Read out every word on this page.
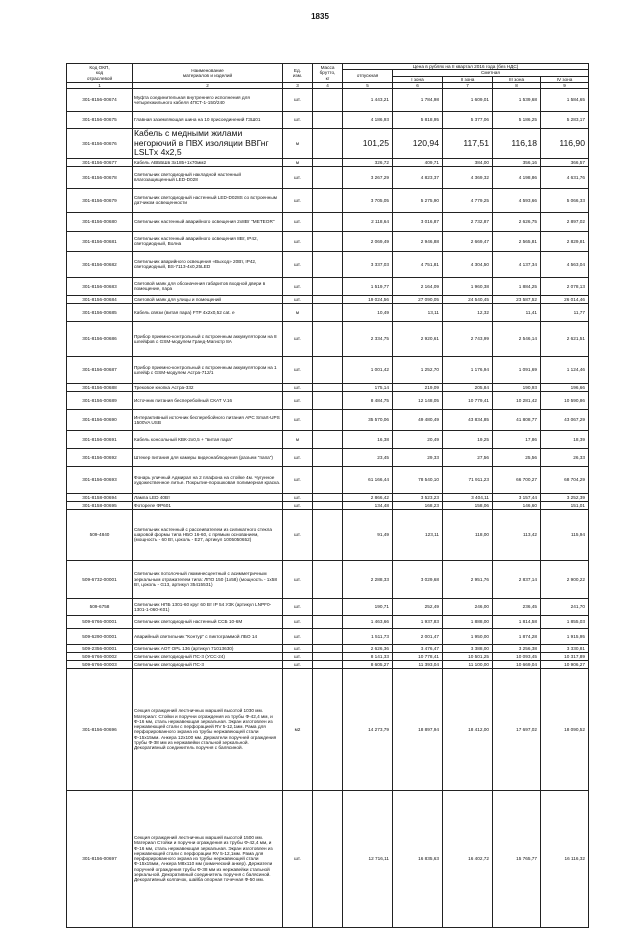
1835
Код ОКП,
код
отраслевой	Наименование
материалов и изделий	Ед.
изм.	Масса
брутто,
кг	Цена в рублях на II квартал 2016 года (без НДС)				
				отпускная	Сметная			
					I зона	II зона	III зона	IV зона
1	2	3	4	5	6	7	8	9
301-8156-00674	Муфта соединительная внутреннего исполнения для четырехжильного кабеля 4ПСТ-1-150/240	шт.		1 443,21	1 784,98	1 609,01	1 539,68	1 584,65
301-8156-00675	Главная заземляющая шина на 10 присоединений ГЗШ01	шт.		4 186,93	5 818,95	5 377,06	5 186,25	5 283,17
301-8156-00676	Кабель с медными жилами негорючий в ПВХ изоляции ВВГнг LSLTx 4х2,5	м		101,25	120,94	117,51	116,18	116,90
301-8156-00677	Кабель АВББШв 3х185+1х70мм2	м		326,72	409,71	384,00	356,16	366,57
301-8156-00678	Светильник светодиодный накладной настенный влагозащищенный LED-D028	шт.		3 267,29	4 823,37	4 369,32	4 198,86	4 631,76
301-8156-00679	Светильник светодиодный настенный LED-D028S со встроенным датчиком освещенности	шт.		3 705,05	5 275,90	4 779,25	4 593,66	5 066,33
301-8156-00680	Светильник настенный аварийного освещения 2х8Вт "МЕТЕОR"	шт.		2 118,64	3 016,87	2 732,87	2 626,75	2 897,02
301-8156-00681	Светильник настенный аварийного освещения 8Вт, IP42, светодиодный, Волна	шт.		2 069,49	2 946,88	2 669,47	2 565,81	2 829,81
301-8156-00682	Светильник аварийного освещения «Выход» 20Вт, IP42, светодиодный, BS-7113-4х0,25LED	шт.		3 337,03	4 751,81	4 304,50	4 137,34	4 563,04
301-8156-00683	Световой маяк для обозначения габаритов входной двери в помещение, пара	шт.		1 519,77	2 164,09	1 960,38	1 884,25	2 078,13
301-8156-00684	Световой маяк для улицы и помещений	шт.		19 024,56	27 090,05	24 540,45	23 587,52	26 014,46
301-8156-00685	Кабель связи (витая пара) FTP 4х2х0,52 cat. e	м		10,49	13,11	12,32	11,41	11,77
301-8156-00686	Прибор приемно-контрольный с встроенным аккумулятором на 8 шлейфов с GSM-модулем Гранд-Магистр 8А	шт.		2 334,75	2 920,61	2 743,99	2 546,14	2 621,51
301-8156-00687	Прибор приемно-контрольный с встроенным аккумулятором на 1 шлейф с GSM-модулем Астра-712/1	шт.		1 001,42	1 252,70	1 176,94	1 091,69	1 124,46
301-8156-00688	Трековое кнопка Астра-332	шт.		175,14	219,09	205,84	190,93	196,66
301-8156-00689	Источник питания бесперебойный СКАТ V.16	шт.		8 484,75	12 148,05	10 779,41	10 281,42	10 590,86
301-8156-00690	Интерактивный источник бесперебойного питания APC Smart-UPS 1500VA USB	шт.		35 570,06	49 480,49	43 834,85	41 808,77	43 067,29
301-8156-00691	Кабель консольный КВК-2х0,5 + "витая пара"	м		16,38	20,49	19,25	17,86	18,39
301-8156-00692	Штекер питания для камеры видеонаблюдения (разъем "папа")	шт.		23,45	29,33	27,56	25,56	26,33
301-8156-00693	Фонарь уличный Адмирал на 2 плафона на стойке 4м. Чугунное художественное литье. Покрытие-порошковая полимерная краска.	шт.		61 166,44	78 540,10	71 911,23	66 700,27	68 704,29
301-8158-00694	Лампа LED 40Вт	шт.		2 866,42	3 523,23	3 404,11	3 157,44	3 252,39
301-8158-00695	Фотореле ФР601	шт.		134,48	168,23	158,06	146,60	151,01
509-4840	Светильник настенный с рассеивателем из силикатного стекла шаровой формы типа НБО 16-60, с прямым основанием, (мощность - 60 Вт, цоколь - Е27, артикул 1005050652)	шт.		91,49	123,11	118,00	113,42	115,94
509-6732-00001	Светильник потолочный люминесцентный с асимметричным зеркальным отражателем типа: ЛПО 150 (1х58) (мощность - 1х58 Вт, цоколь - G13, артикул 35415531)	шт.		2 288,33	3 029,68	2 951,76	2 837,14	2 900,22
509-6758	Светильник НПБ 1301-60 круг 60 Вт IP 54 УЗК (артикул LNPF0-1301-1-060-K01)	шт.		190,71	252,49	246,00	236,45	241,70
509-6766-00001	Светильник светодиодный настенный ССБ 10-6М	шт.		1 463,66	1 937,83	1 888,00	1 814,58	1 855,03
509-6290-00001	Аварийный светильник "Контур" с пиктограммой ЛБО 14	шт.		1 511,73	2 001,47	1 950,00	1 874,28	1 915,95
509-2356-00001	Светильник АОТ ОРL 136 (артикул 71013630)	шт.		2 626,36	3 476,47	3 388,00	3 256,38	3 330,81
509-6766-00002	Светильник светодиодный ПС-3 (УСС-24)	шт.		8 141,33	10 778,41	10 501,25	10 093,45	10 317,89
509-6766-00003	Светильник светодиодный ПС-3	шт.		8 605,27	11 393,04	11 100,00	10 669,04	10 906,27
301-8156-00696	Секция ограждений лестничных маршей высотой 1030 мм. Материал: Стойки и поручни ограждения из трубы Ф-42,4 мм, и Ф-16 мм, сталь нержавеющая зеркальная. Экран изготовлен из нержавеющей стали с перфорацией RV 5-12,1мм. Рама для перфорированного экрана из трубы нержавеющей стали Ф-15х15мм. Анкера 12х100 мм. Держатели поручней ограждения трубы Ф-38 мм из нержавейки стальной зеркальной. Декоративный соединитель поручня с балясиной.	м2		14 273,79	18 897,94	18 412,00	17 697,02	18 090,52
301-8156-00697	Секция ограждений лестничных маршей высотой 1500 мм. Материал Стойки и поручни ограждения из трубы Ф-42,4 мм, и Ф-16 мм, сталь нержавеющая зеркальная. Экран изготовлен из нержавеющей стали с перфорации RV 5-12,1мм. Рама для перфорированного экрана из трубы нержавеющей стали Ф-15х15мм, Анкера М8х110 мм (химический анкер). Держатели поручней ограждения трубы Ф-38 мм из нержавейки стальной зеркальной. Декоративный соединитель поручня с балясиной. Декоративный колпачок, шайба опорная точечная Ф-50 мм.	шт.		12 716,11	16 835,63	16 402,72	15 765,77	16 116,32
